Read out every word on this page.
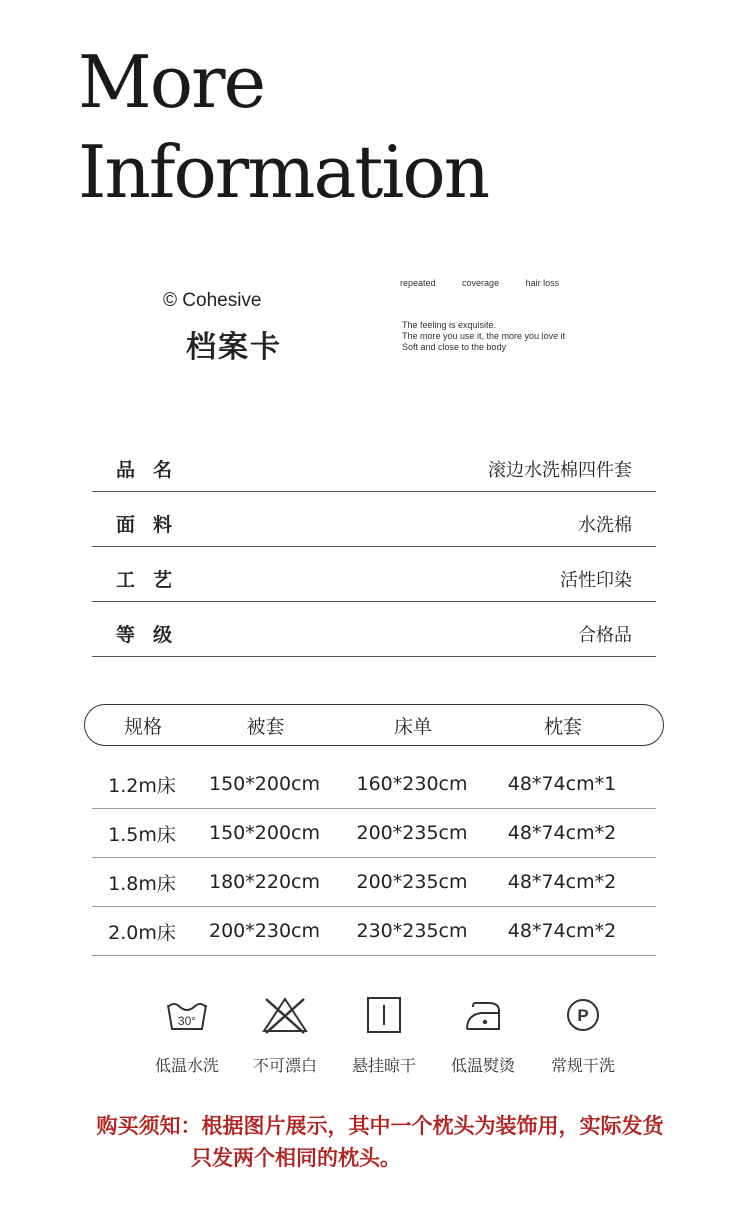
More
Information
© Cohesive
档案卡
repeated	coverage	hair loss
The feeling is exquisite.
The more you use it, the more you love it
Soft and close to the body
品名	滚边水洗棉四件套
面料	水洗棉
工艺	活性印染
等级	合格品
规格	被套	床单	枕套
1.2m床	150*200cm	160*230cm	48*74cm*1
1.5m床	150*200cm	200*235cm	48*74cm*2
1.8m床	180*220cm	200*235cm	48*74cm*2
2.0m床	200*230cm	230*235cm	48*74cm*2
30°
低温水洗	不可漂白	悬挂晾干	低温熨烫
P
常规干洗
购买须知：根据图片展示，其中一个枕头为装饰用，实际发货
只发两个相同的枕头。
